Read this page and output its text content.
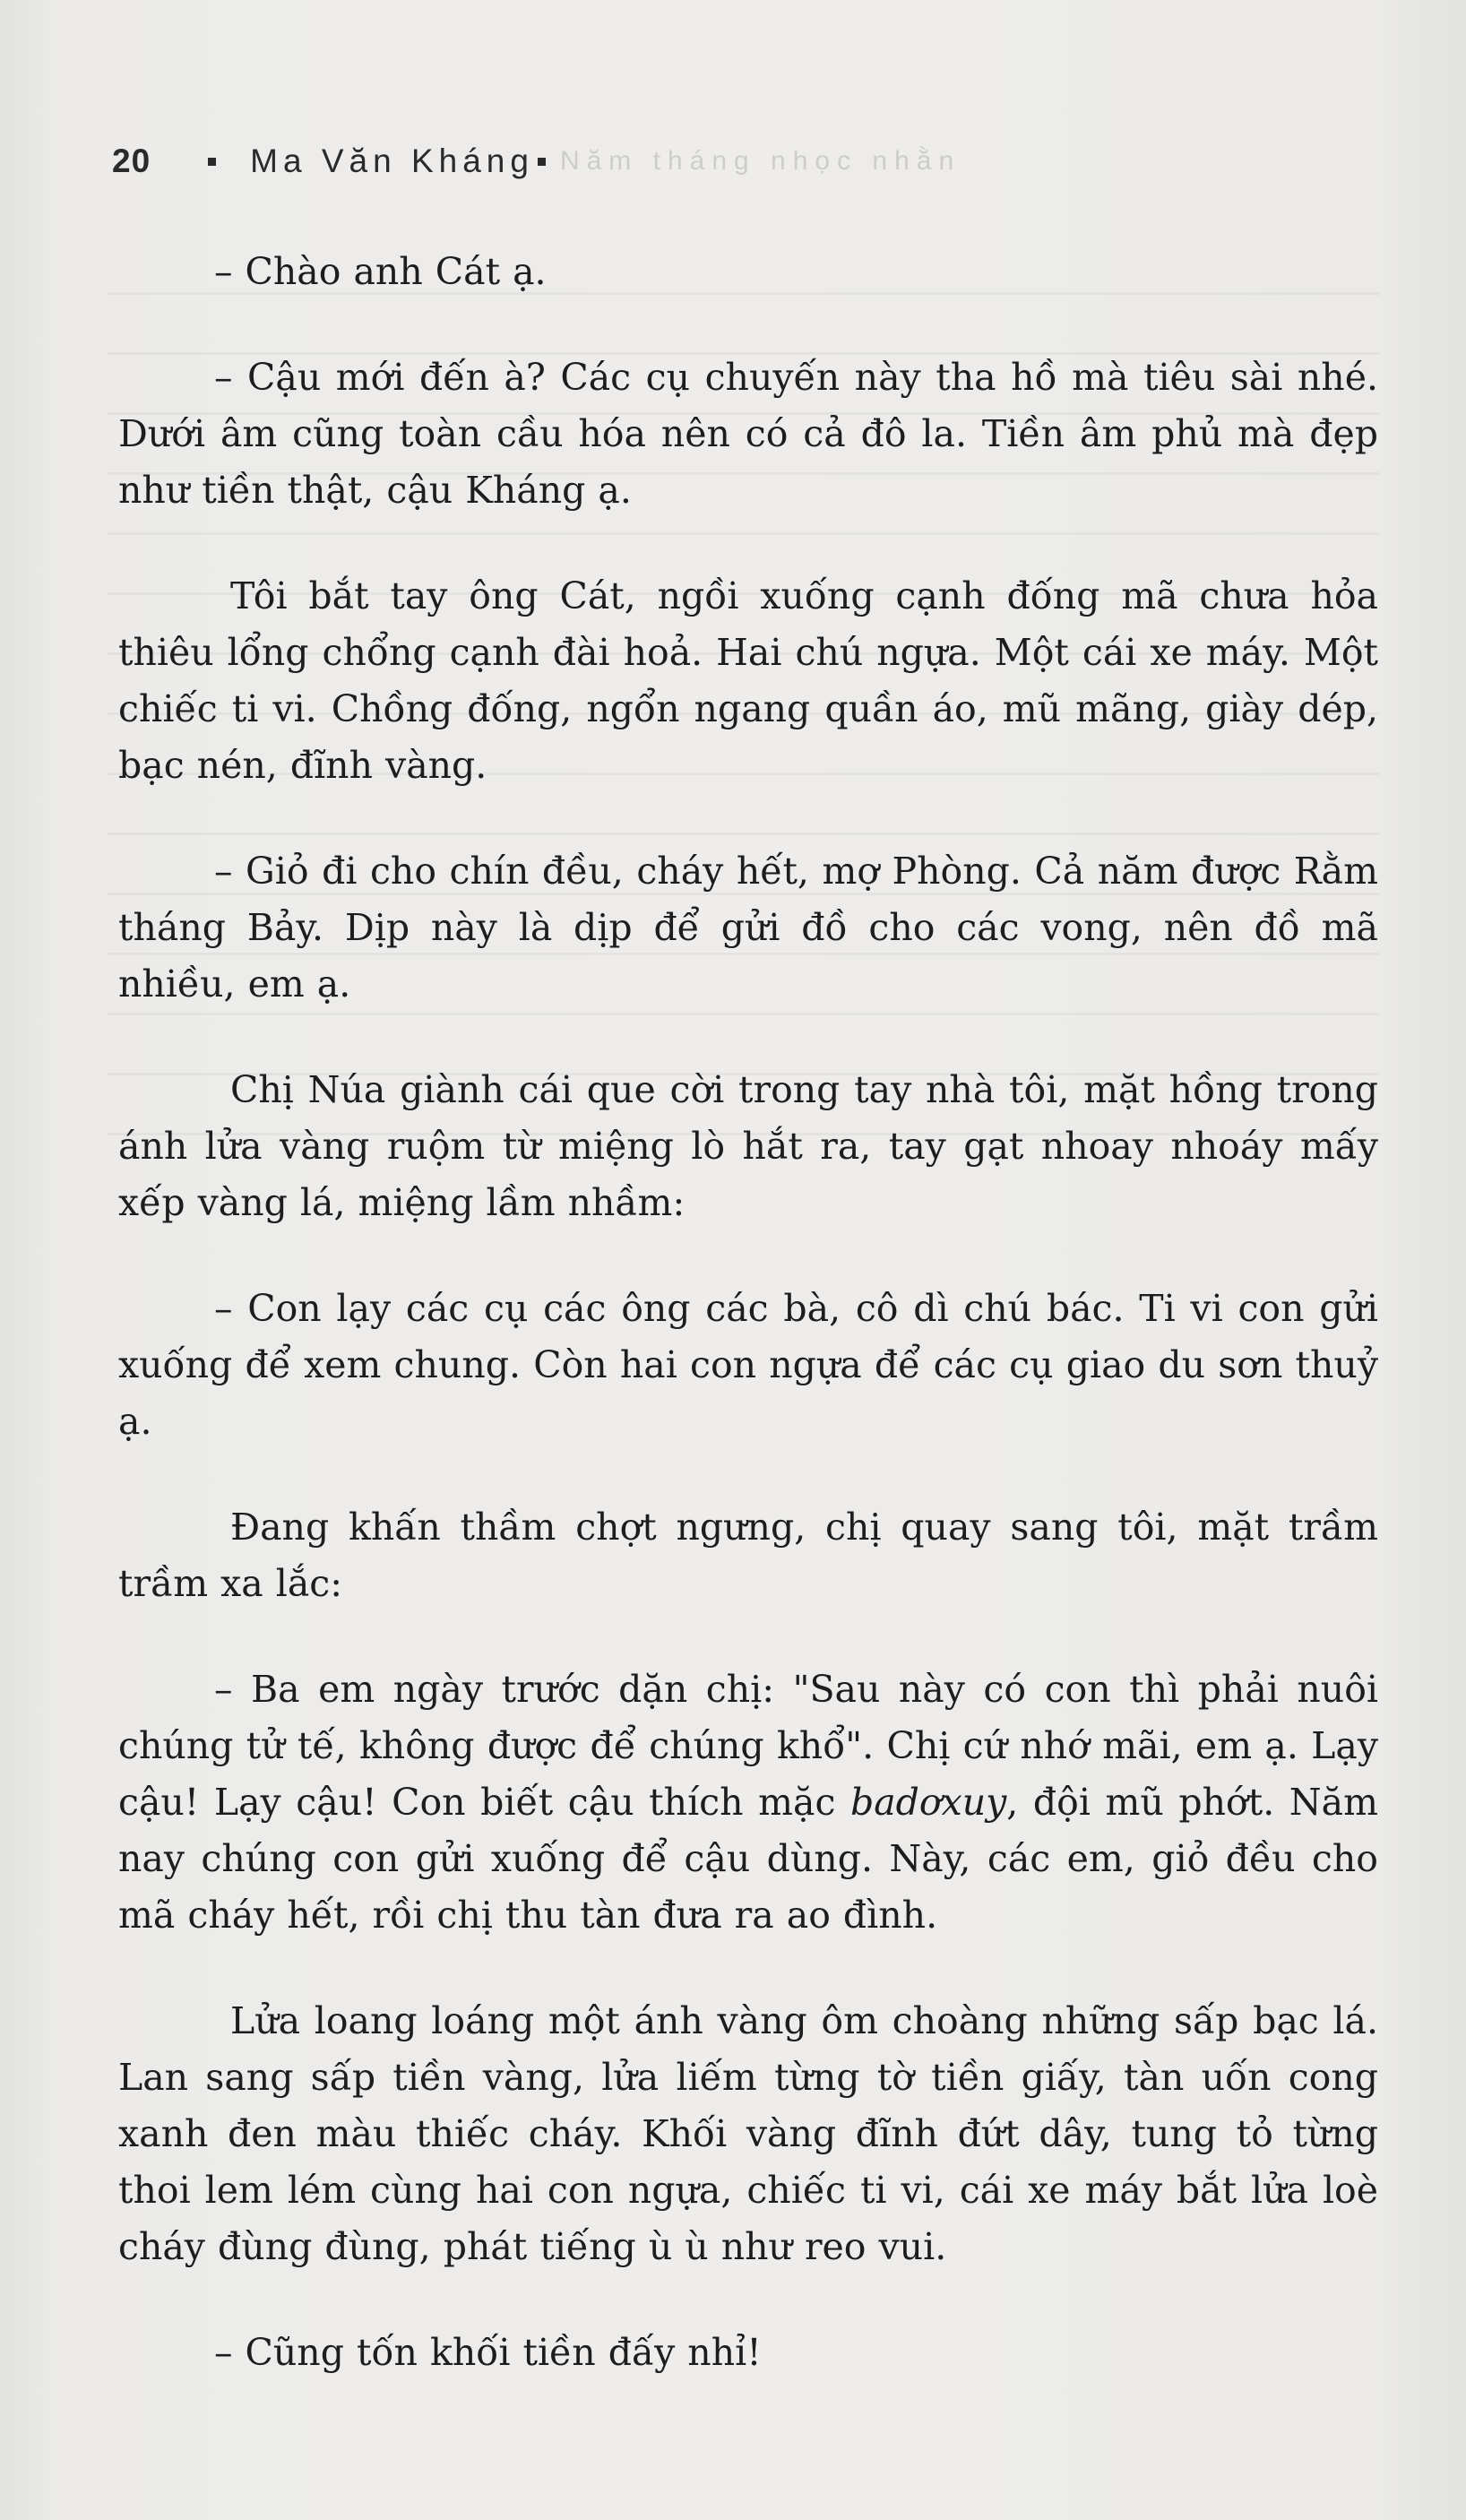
20	Ma Văn Kháng Năm tháng nhọc nhằn

– Chào anh Cát ạ.

– Cậu mới đến à? Các cụ chuyến này tha hồ mà tiêu sài nhé. Dưới âm cũng toàn cầu hóa nên có cả đô la. Tiền âm phủ mà đẹp như tiền thật, cậu Kháng ạ.

Tôi bắt tay ông Cát, ngồi xuống cạnh đống mã chưa hỏa thiêu lổng chổng cạnh đài hoả. Hai chú ngựa. Một cái xe máy. Một chiếc ti vi. Chồng đống, ngổn ngang quần áo, mũ mãng, giày dép, bạc nén, đĩnh vàng.

– Giỏ đi cho chín đều, cháy hết, mợ Phòng. Cả năm được Rằm tháng Bảy. Dịp này là dịp để gửi đồ cho các vong, nên đồ mã nhiều, em ạ.

Chị Núa giành cái que cời trong tay nhà tôi, mặt hồng trong ánh lửa vàng ruộm từ miệng lò hắt ra, tay gạt nhoay nhoáy mấy xếp vàng lá, miệng lầm nhầm:

– Con lạy các cụ các ông các bà, cô dì chú bác. Ti vi con gửi xuống để xem chung. Còn hai con ngựa để các cụ giao du sơn thuỷ ạ.

Đang khấn thầm chợt ngưng, chị quay sang tôi, mặt trầm trầm xa lắc:

– Ba em ngày trước dặn chị: "Sau này có con thì phải nuôi chúng tử tế, không được để chúng khổ". Chị cứ nhớ mãi, em ạ. Lạy cậu! Lạy cậu! Con biết cậu thích mặc badơxuy, đội mũ phớt. Năm nay chúng con gửi xuống để cậu dùng. Này, các em, giỏ đều cho mã cháy hết, rồi chị thu tàn đưa ra ao đình.

Lửa loang loáng một ánh vàng ôm choàng những sấp bạc lá. Lan sang sấp tiền vàng, lửa liếm từng tờ tiền giấy, tàn uốn cong xanh đen màu thiếc cháy. Khối vàng đĩnh đứt dây, tung tỏ từng thoi lem lém cùng hai con ngựa, chiếc ti vi, cái xe máy bắt lửa loè cháy đùng đùng, phát tiếng ù ù như reo vui.

– Cũng tốn khối tiền đấy nhỉ!
